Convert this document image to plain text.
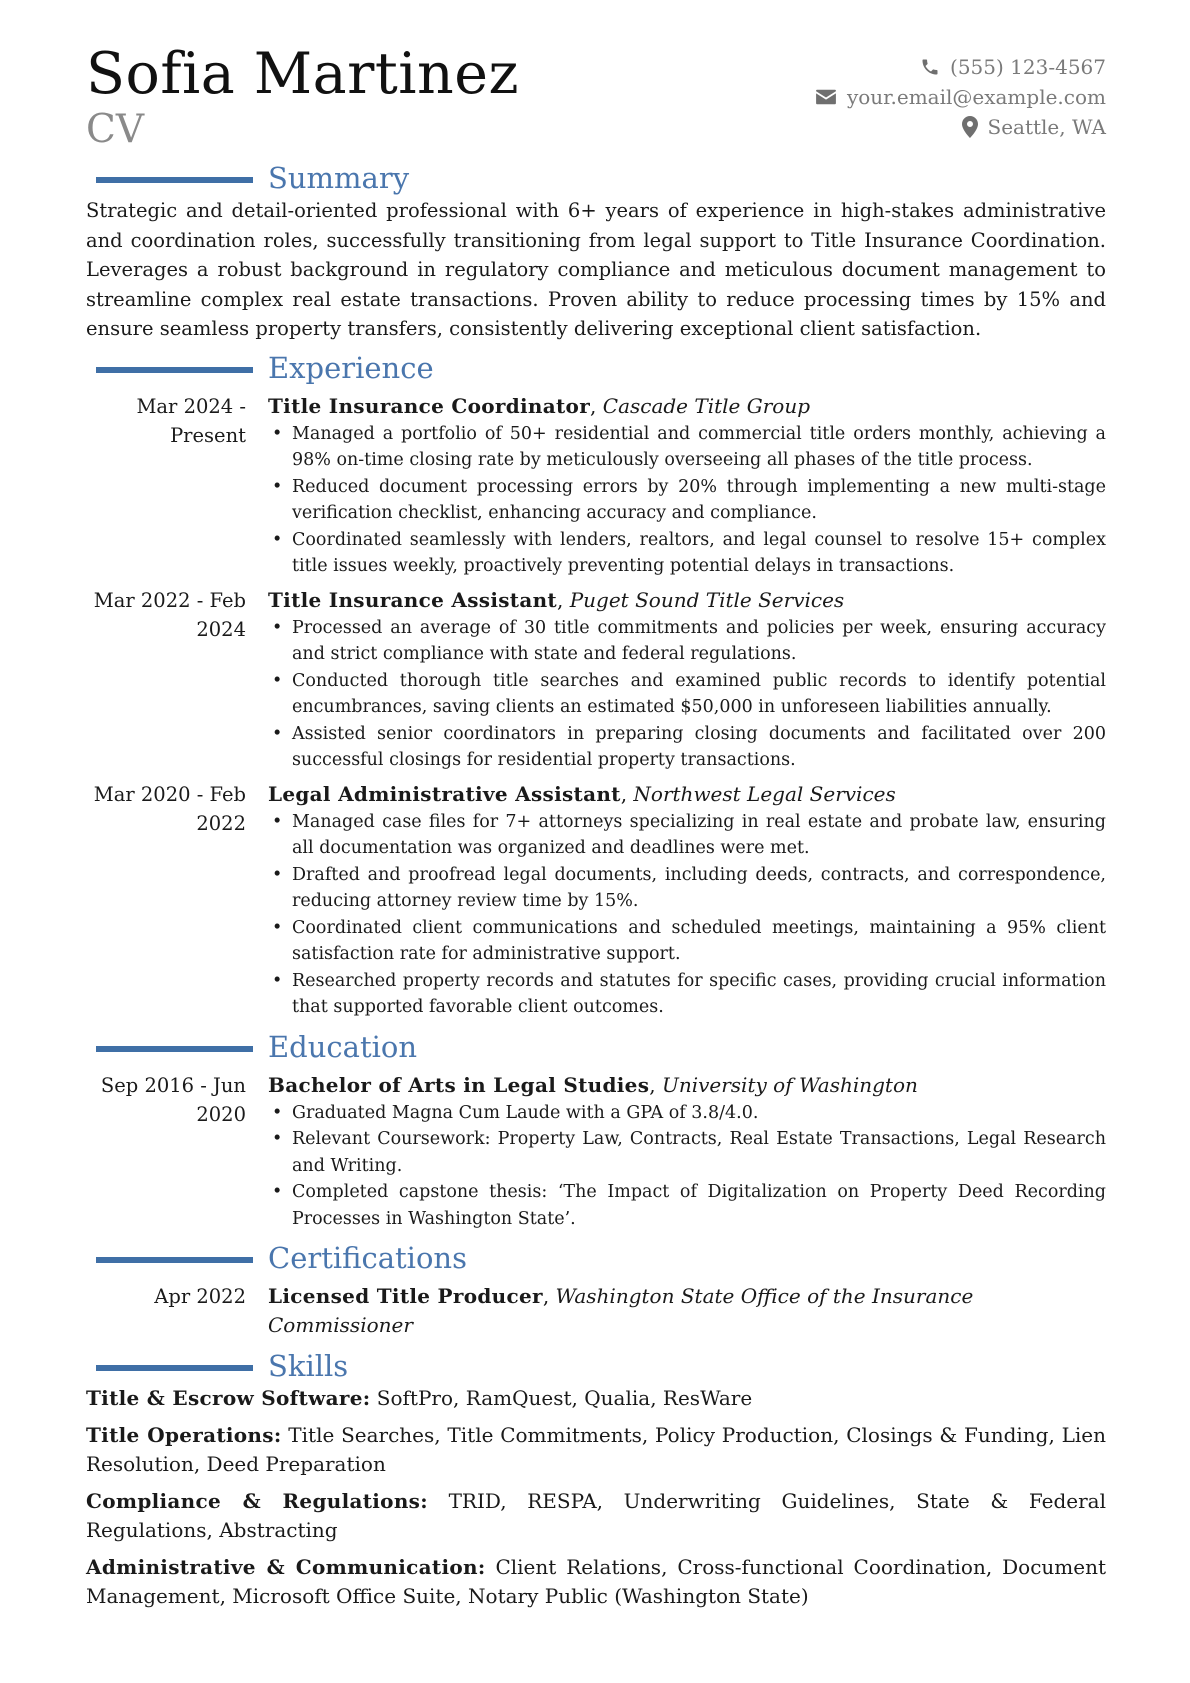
Sofia Martinez
CV
(555) 123-4567
your.email@example.com
Seattle, WA
Summary

Strategic and detail-oriented professional with 6+ years of experience in high-stakes administrative and coordination roles, successfully transitioning from legal support to Title Insurance Coordination. Leverages a robust background in regulatory compliance and meticulous document management to streamline complex real estate transactions. Proven ability to reduce processing times by 15% and ensure seamless property transfers, consistently delivering exceptional client satisfaction.

Experience
Mar 2024 - Present
Title Insurance Coordinator, Cascade Title Group
• Managed a portfolio of 50+ residential and commercial title orders monthly, achieving a 98% on-time closing rate by meticulously overseeing all phases of the title process.
• Reduced document processing errors by 20% through implementing a new multi-stage verification checklist, enhancing accuracy and compliance.
• Coordinated seamlessly with lenders, realtors, and legal counsel to resolve 15+ complex title issues weekly, proactively preventing potential delays in transactions.
Mar 2022 - Feb 2024
Title Insurance Assistant, Puget Sound Title Services
• Processed an average of 30 title commitments and policies per week, ensuring accuracy and strict compliance with state and federal regulations.
• Conducted thorough title searches and examined public records to identify potential encumbrances, saving clients an estimated $50,000 in unforeseen liabilities annually.
• Assisted senior coordinators in preparing closing documents and facilitated over 200 successful closings for residential property transactions.
Mar 2020 - Feb 2022
Legal Administrative Assistant, Northwest Legal Services
• Managed case files for 7+ attorneys specializing in real estate and probate law, ensuring all documentation was organized and deadlines were met.
• Drafted and proofread legal documents, including deeds, contracts, and correspondence, reducing attorney review time by 15%.
• Coordinated client communications and scheduled meetings, maintaining a 95% client satisfaction rate for administrative support.
• Researched property records and statutes for specific cases, providing crucial information that supported favorable client outcomes.
Education
Sep 2016 - Jun 2020
Bachelor of Arts in Legal Studies, University of Washington
• Graduated Magna Cum Laude with a GPA of 3.8/4.0.
• Relevant Coursework: Property Law, Contracts, Real Estate Transactions, Legal Research and Writing.
• Completed capstone thesis: ‘The Impact of Digitalization on Property Deed Recording Processes in Washington State’.
Certifications
Apr 2022	Licensed Title Producer, Washington State Office of the Insurance Commissioner
Skills
Title & Escrow Software: SoftPro, RamQuest, Qualia, ResWare
Title Operations: Title Searches, Title Commitments, Policy Production, Closings & Funding, Lien Resolution, Deed Preparation
Compliance & Regulations: TRID, RESPA, Underwriting Guidelines, State & Federal Regulations, Abstracting
Administrative & Communication: Client Relations, Cross-functional Coordination, Document Management, Microsoft Office Suite, Notary Public (Washington State)
